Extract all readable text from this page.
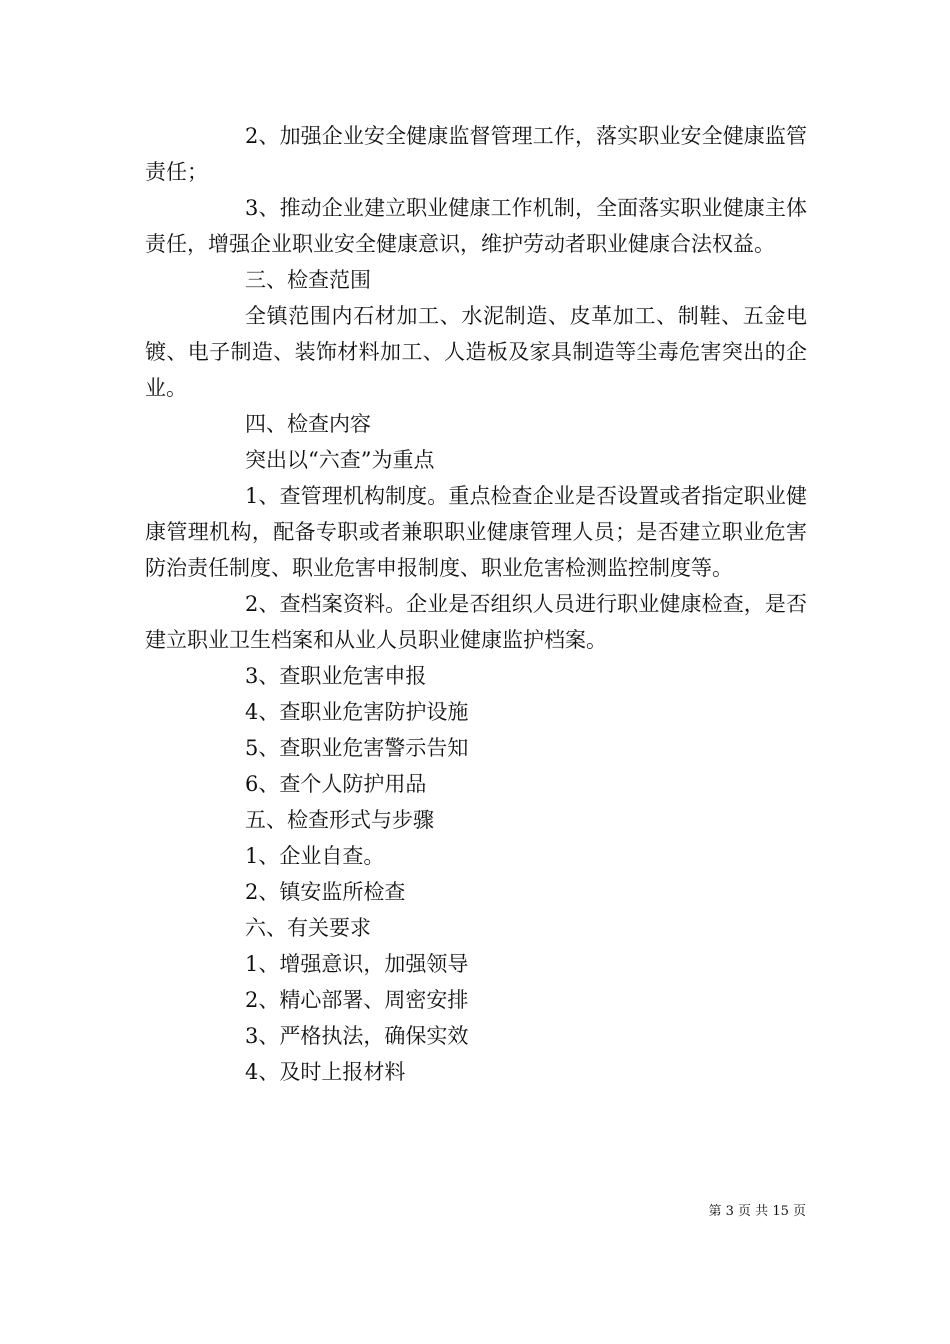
2、加强企业安全健康监督管理工作，落实职业安全健康监管责任；

3、推动企业建立职业健康工作机制，全面落实职业健康主体责任，增强企业职业安全健康意识，维护劳动者职业健康合法权益。

三、检查范围

全镇范围内石材加工、水泥制造、皮革加工、制鞋、五金电镀、电子制造、装饰材料加工、人造板及家具制造等尘毒危害突出的企业。

四、检查内容

突出以“六查”为重点

1、查管理机构制度。重点检查企业是否设置或者指定职业健康管理机构，配备专职或者兼职职业健康管理人员；是否建立职业危害防治责任制度、职业危害申报制度、职业危害检测监控制度等。

2、查档案资料。企业是否组织人员进行职业健康检查，是否建立职业卫生档案和从业人员职业健康监护档案。

3、查职业危害申报

4、查职业危害防护设施

5、查职业危害警示告知

6、查个人防护用品

五、检查形式与步骤

1、企业自查。

2、镇安监所检查

六、有关要求

1、增强意识，加强领导

2、精心部署、周密安排

3、严格执法，确保实效

4、及时上报材料

第 3 页 共 15 页
